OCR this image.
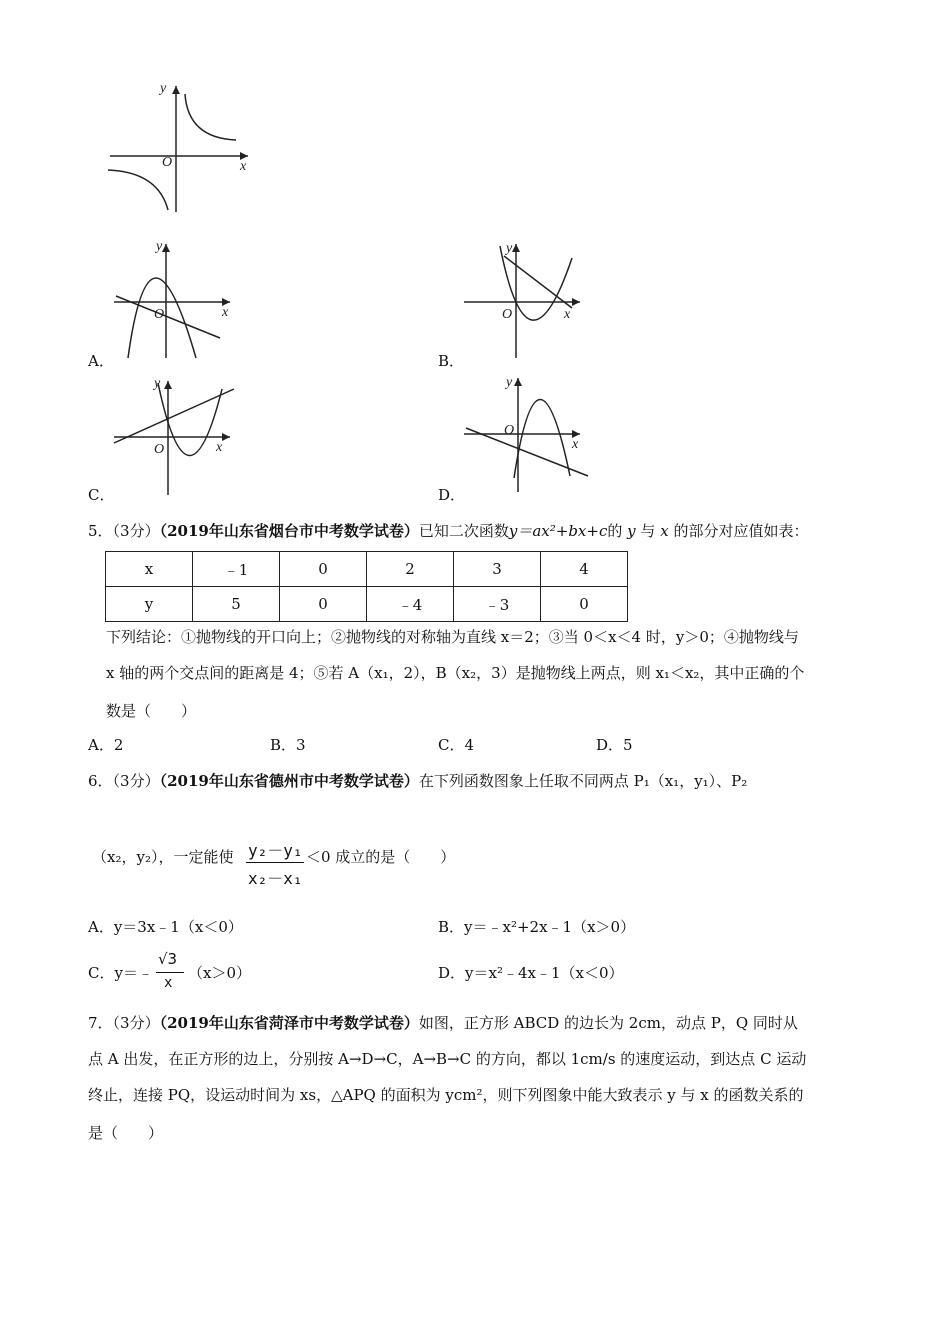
y
x
O
A．
y
x
O
B．
y
x
O
C．
y
x
O
D．
y
x
O
5．（3分）（2019年山东省烟台市中考数学试卷）已知二次函数y＝ax²+bx+c的 y 与 x 的部分对应值如表：
x	﹣1	0	2	3	4
y	5	0	﹣4	﹣3	0
下列结论：①抛物线的开口向上；②抛物线的对称轴为直线 x＝2；③当 0＜x＜4 时，y＞0；④抛物线与
x 轴的两个交点间的距离是 4；⑤若 A（x₁，2），B（x₂，3）是抛物线上两点，则 x₁＜x₂，其中正确的个
数是（　　）
A．2	B．3	C．4	D．5
6．（3分）（2019年山东省德州市中考数学试卷）在下列函数图象上任取不同两点 P₁（x₁，y₁）、P₂
（x₂，y₂），一定能使 y₂－y₁
x₂－x₁
＜0 成立的是（　　）
A．y＝3x﹣1（x＜0）	B．y＝﹣x²+2x﹣1（x＞0）
C．y＝﹣
√3
x
（x＞0）	D．y＝x²﹣4x﹣1（x＜0）
7．（3分）（2019年山东省菏泽市中考数学试卷）如图，正方形 ABCD 的边长为 2cm，动点 P，Q 同时从
点 A 出发，在正方形的边上，分别按 A→D→C，A→B→C 的方向，都以 1cm/s 的速度运动，到达点 C 运动
终止，连接 PQ，设运动时间为 xs，△APQ 的面积为 ycm²，则下列图象中能大致表示 y 与 x 的函数关系的
是（　　）
